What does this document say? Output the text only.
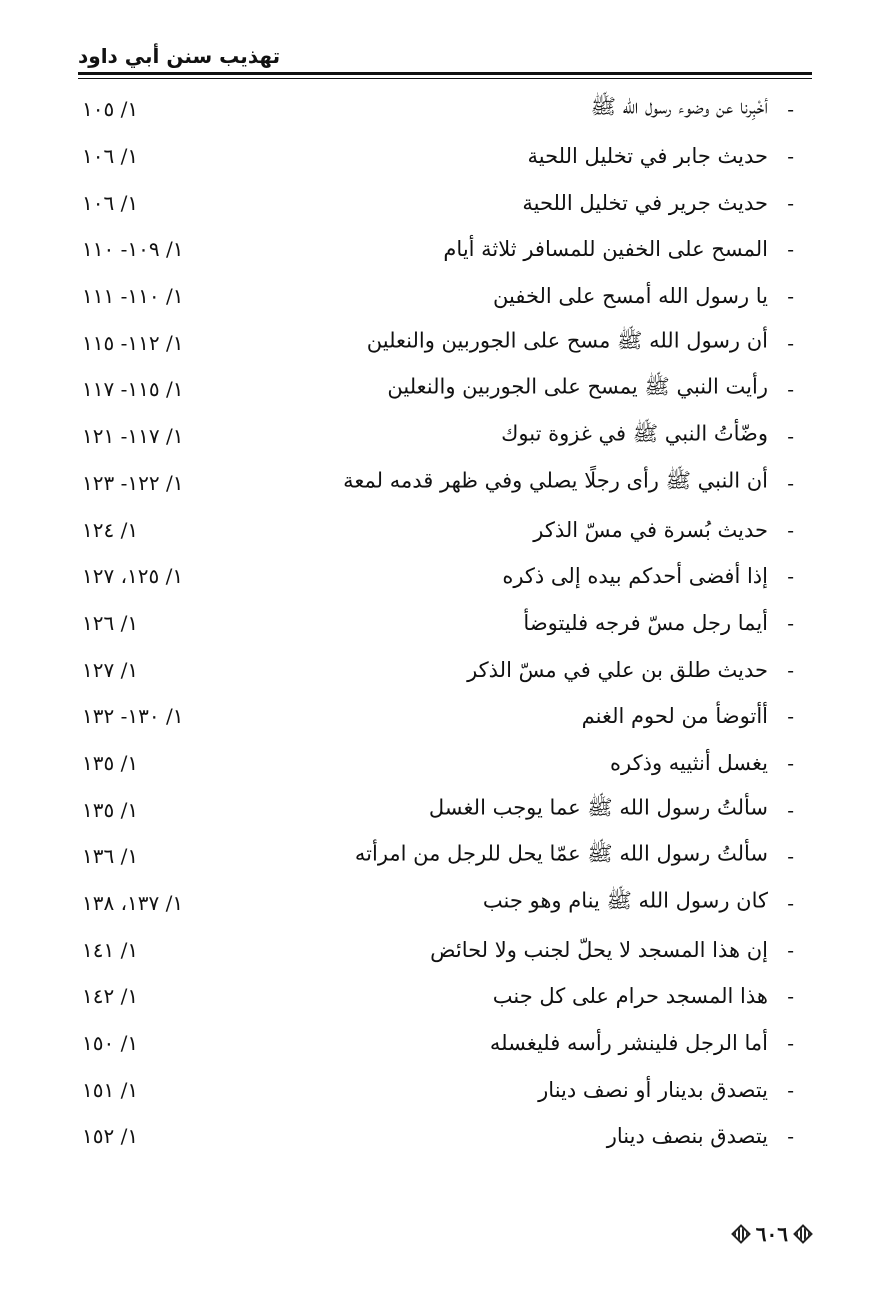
تهذيب سنن أبي داود
-
أخْبِرنا عن وضوء رسول الله ﷺ
١/ ١٠٥
-
حديث جابر في تخليل اللحية
١/ ١٠٦
-
حديث جرير في تخليل اللحية
١/ ١٠٦
-
المسح على الخفين للمسافر ثلاثة أيام
١/ ١٠٩- ١١٠
-
يا رسول الله أمسح على الخفين
١/ ١١٠- ١١١
-
أن رسول الله ﷺ مسح على الجوربين والنعلين
١/ ١١٢- ١١٥
-
رأيت النبي ﷺ يمسح على الجوربين والنعلين
١/ ١١٥- ١١٧
-
وضّأتُ النبي ﷺ في غزوة تبوك
١/ ١١٧- ١٢١
-
أن النبي ﷺ رأى رجلًا يصلي وفي ظهر قدمه لمعة
١/ ١٢٢- ١٢٣
-
حديث بُسرة في مسّ الذكر
١/ ١٢٤
-
إذا أفضى أحدكم بيده إلى ذكره
١/ ١٢٥، ١٢٧
-
أيما رجل مسّ فرجه فليتوضأ
١/ ١٢٦
-
حديث طلق بن علي في مسّ الذكر
١/ ١٢٧
-
أأتوضأ من لحوم الغنم
١/ ١٣٠- ١٣٢
-
يغسل أنثييه وذكره
١/ ١٣٥
-
سألتُ رسول الله ﷺ عما يوجب الغسل
١/ ١٣٥
-
سألتُ رسول الله ﷺ عمّا يحل للرجل من امرأته
١/ ١٣٦
-
كان رسول الله ﷺ ينام وهو جنب
١/ ١٣٧، ١٣٨
-
إن هذا المسجد لا يحلّ لجنب ولا لحائض
١/ ١٤١
-
هذا المسجد حرام على كل جنب
١/ ١٤٢
-
أما الرجل فلينشر رأسه فليغسله
١/ ١٥٠
-
يتصدق بدينار أو نصف دينار
١/ ١٥١
-
يتصدق بنصف دينار
١/ ١٥٢
٦٠٦
